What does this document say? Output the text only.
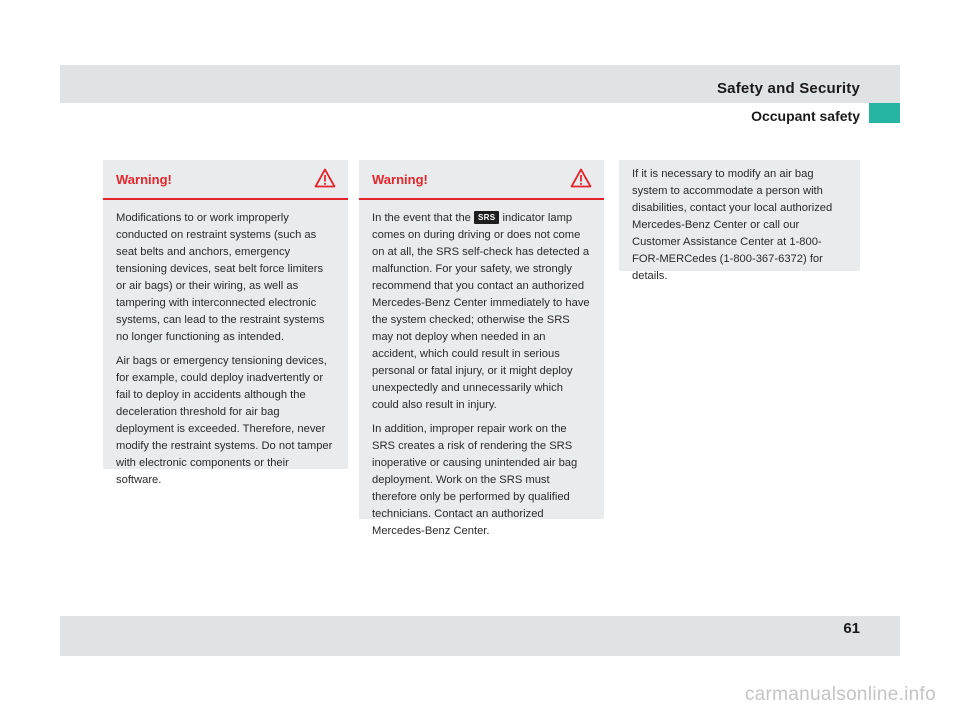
Safety and Security
Occupant safety
Warning!

Modifications to or work improperly conducted on restraint systems (such as seat belts and anchors, emergency tensioning devices, seat belt force limiters or air bags) or their wiring, as well as tampering with interconnected electronic systems, can lead to the restraint systems no longer functioning as intended.

Air bags or emergency tensioning devices, for example, could deploy inadvertently or fail to deploy in accidents although the deceleration threshold for air bag deployment is exceeded. Therefore, never modify the restraint systems. Do not tamper with electronic components or their software.

Warning!

In the event that the SRS indicator lamp comes on during driving or does not come on at all, the SRS self-check has detected a malfunction. For your safety, we strongly recommend that you contact an authorized Mercedes-Benz Center immediately to have the system checked; otherwise the SRS may not deploy when needed in an accident, which could result in serious personal or fatal injury, or it might deploy unexpectedly and unnecessarily which could also result in injury.

In addition, improper repair work on the SRS creates a risk of rendering the SRS inoperative or causing unintended air bag deployment. Work on the SRS must therefore only be performed by qualified technicians. Contact an authorized Mercedes-Benz Center.

If it is necessary to modify an air bag system to accommodate a person with disabilities, contact your local authorized Mercedes-Benz Center or call our Customer Assistance Center at 1-800-FOR-MERCedes (1-800-367-6372) for details.

61
carmanualsonline.info
